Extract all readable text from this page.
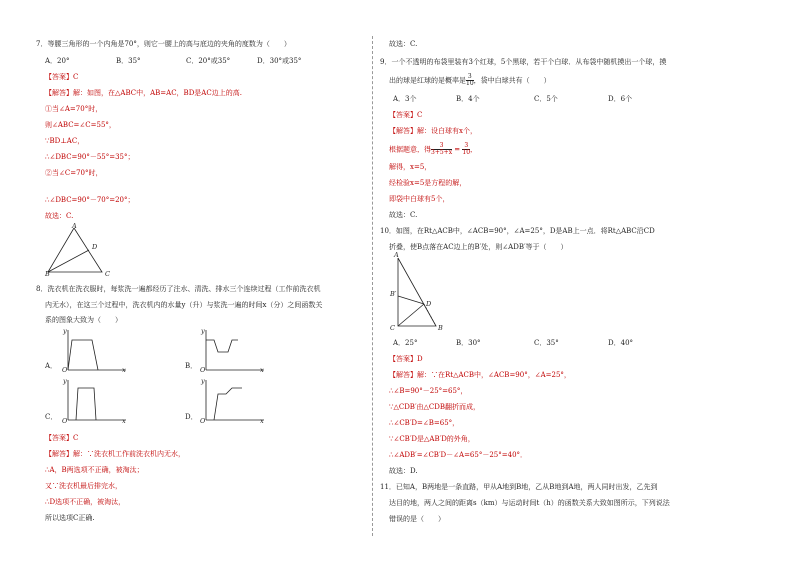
7．等腰三角形的一个内角是70°，则它一腰上的高与底边的夹角的度数为（　　）
A．20°	B．35°	C．20°或35°	D．30°或35°
【答案】C
【解答】解：如图，在△ABC中，AB=AC，BD是AC边上的高.
①当∠A=70°时，
则∠ABC=∠C=55°，
∵BD⊥AC，
∴∠DBC=90°－55°=35°；
②当∠C=70°时，
∴∠DBC=90°－70°=20°；
故选：C.
A
D
B	C
8．洗衣机在洗衣服时，每浆洗一遍都经历了注水、清洗、排水三个连续过程（工作前洗衣机
内无水），在这三个过程中，洗衣机内的水量y（升）与浆洗一遍的时间x（分）之间函数关
系的图象大致为（　　）
A．
y
O	x	B．
y
O	x
C．
y
O	x	D．
y
O	x
【答案】C
【解答】解：∵洗衣机工作前洗衣机内无水，
∴A，B两选项不正确，被淘汰；
又∵洗衣机最后排完水，
∴D选项不正确，被淘汰，
所以选项C正确.
故选：C.
9．一个不透明的布袋里装有3个红球，5个黑球，若干个白球．从布袋中随机摸出一个球，摸
出的球是红球的是概率是 $\frac{3}{10}$ ，袋中白球共有（　　）
A．3个	B．4个	C．5个	D．6个
【答案】C
【解答】解：设白球有x个，
根据题意，得 $\frac{3}{3+5+x} = \frac{3}{10}$ ，
解得，x=5，
经检验x=5是方程的解，
即袋中白球有5个，
故选：C.
10．如图，在Rt△ACB中，∠ACB=90°，∠A=25°，D是AB上一点．将Rt△ABC沿CD
折叠，使B点落在AC边上的B′处，则∠ADB′等于（　　）
A
B′
D
C	B
A．25°	B．30°	C．35°	D．40°
【答案】D
【解答】解：∵在Rt△ACB中，∠ACB=90°，∠A=25°，
∴∠B=90°－25°=65°，
∵△CDB′由△CDB翻折而成，
∴∠CB′D=∠B=65°，
∵∠CB′D是△AB′D的外角，
∴∠ADB′=∠CB′D－∠A=65°－25°=40°．
故选：D.
11．已知A，B两地是一条直路，甲从A地到B地，乙从B地到A地，两人同时出发，乙先到
达目的地，两人之间的距离s（km）与运动时间t（h）的函数关系大致如图所示，下列说法
错误的是（　　）
